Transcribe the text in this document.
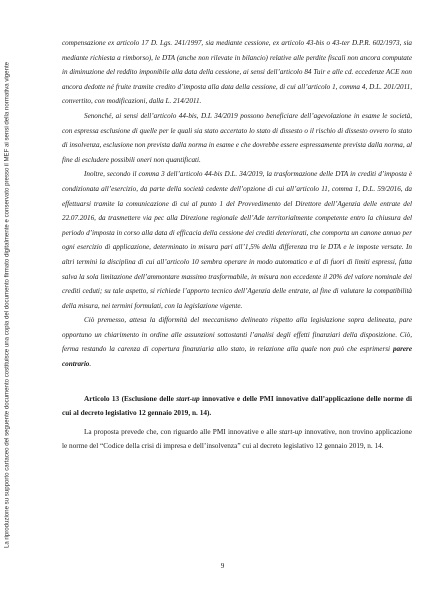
La riproduzione su supporto cartaceo del seguente documento costituisce una copia del documento firmato digitalmente e conservato presso il MEF ai sensi della normativa vigente

compensazione ex articolo 17 D. Lgs. 241/1997, sia mediante cessione, ex articolo 43-bis o 43-ter D.P.R. 602/1973, sia mediante richiesta a rimborso), le DTA (anche non rilevate in bilancio) relative alle perdite fiscali non ancora computate in diminuzione del reddito imponibile alla data della cessione, ai sensi dell’articolo 84 Tuir e alle cd. eccedenze ACE non ancora dedotte né fruite tramite credito d’imposta alla data della cessione, di cui all’articolo 1, comma 4, D.L. 201/2011, convertito, con modificazioni, dalla L. 214/2011.

Senonché, ai sensi dell’articolo 44-bis, D.L 34/2019 possono beneficiare dell’agevolazione in esame le società, con espressa esclusione di quelle per le quali sia stato accertato lo stato di dissesto o il rischio di dissesto ovvero lo stato di insolvenza, esclusione non prevista dalla norma in esame e che dovrebbe essere espressamente prevista dalla norma, al fine di escludere possibili oneri non quantificati.

Inoltre, secondo il comma 3 dell’articolo 44-bis D.L. 34/2019, la trasformazione delle DTA in crediti d’imposta è condizionata all’esercizio, da parte della società cedente dell’opzione di cui all’articolo 11, comma 1, D.L. 59/2016, da effettuarsi tramite la comunicazione di cui al punto 1 del Provvedimento del Direttore dell’Agenzia delle entrate del 22.07.2016, da trasmettere via pec alla Direzione regionale dell’Ade territorialmente competente entro la chiusura del periodo d’imposta in corso alla data di efficacia della cessione dei crediti deteriorati, che comporta un canone annuo per ogni esercizio di applicazione, determinato in misura pari all’1,5% della differenza tra le DTA e le imposte versate. In altri termini la disciplina di cui all’articolo 10 sembra operare in modo automatico e al di fuori di limiti espressi, fatta salva la sola limitazione dell’ammontare massimo trasformabile, in misura non eccedente il 20% del valore nominale dei crediti ceduti; su tale aspetto, si richiede l’apporto tecnico dell’Agenzia delle entrate, al fine di valutare la compatibilità della misura, nei termini formulati, con la legislazione vigente.

Ciò premesso, attesa la difformità del meccanismo delineato rispetto alla legislazione sopra delineata, pare opportuno un chiarimento in ordine alle assunzioni sottostanti l’analisi degli effetti finanziari della disposizione. Ciò, ferma restando la carenza di copertura finanziaria allo stato, in relazione alla quale non può che esprimersi parere contrario.

Articolo 13 (Esclusione delle start-up innovative e delle PMI innovative dall’applicazione delle norme di cui al decreto legislativo 12 gennaio 2019, n. 14).

La proposta prevede che, con riguardo alle PMI innovative e alle start-up innovative, non trovino applicazione le norme del “Codice della crisi di impresa e dell’insolvenza” cui al decreto legislativo 12 gennaio 2019, n. 14.

9
